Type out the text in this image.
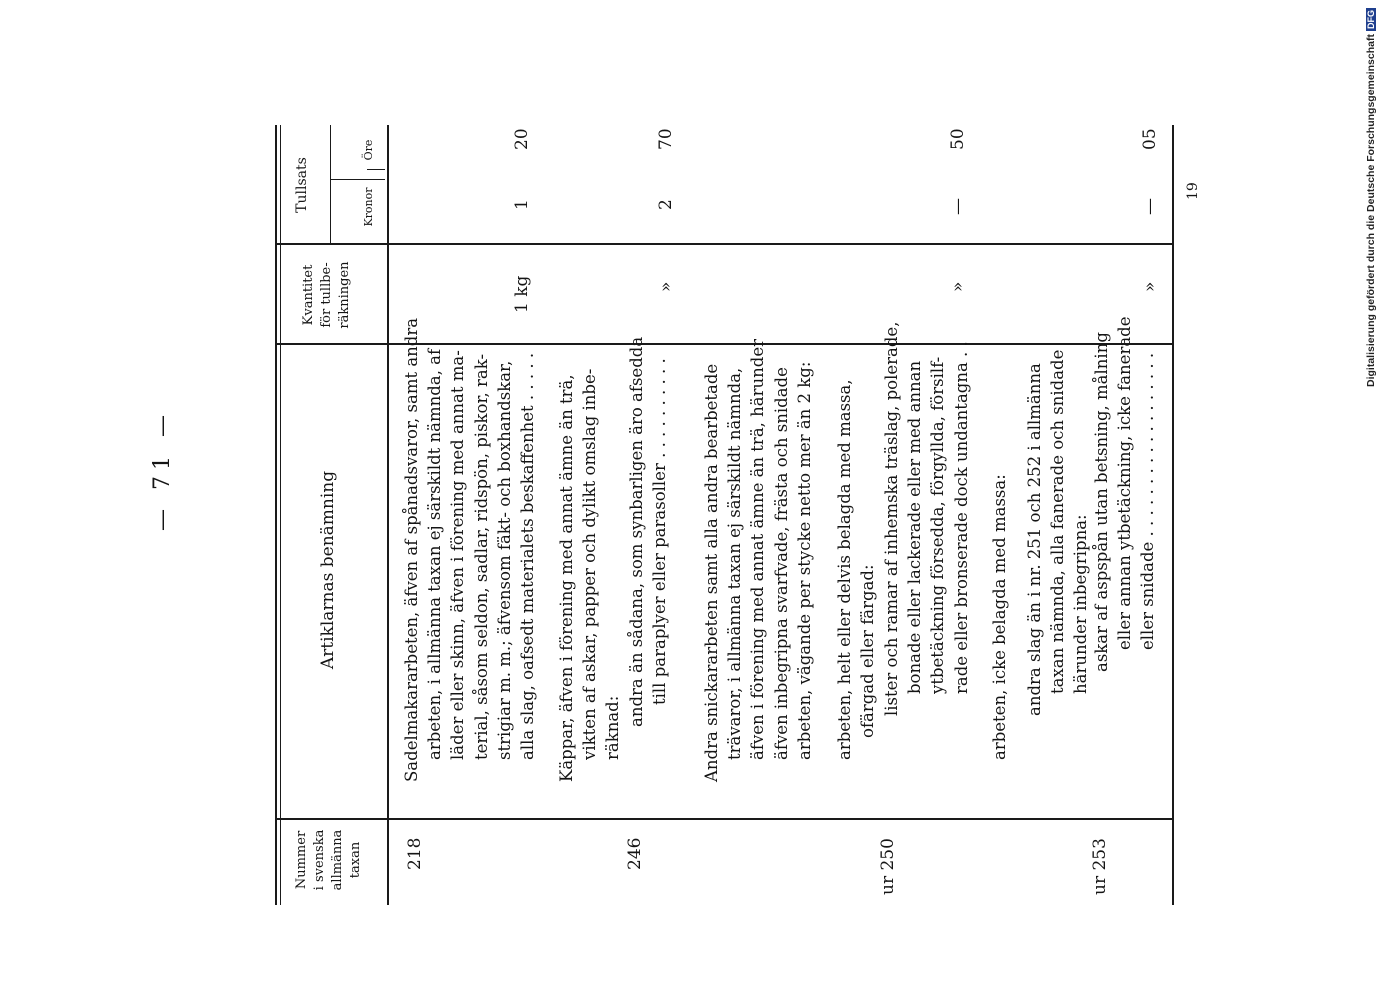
— 71 —
Nummer i svenska allmänna taxan
Artiklarnas benämning
Kvantitet för tullbe- räkningen
Tullsats	Kronor
Öre
218
Sadelmakararbeten, äfven af spånadsvaror, samt andra arbeten, i allmänna taxan ej särskildt nämnda, af läder eller skinn, äfven i förening med annat ma- terial, såsom seldon, sadlar, ridspön, piskor, rak- strigiar m. m.; äfvensom fäkt- och boxhandskar, alla slag, oafsedt materialets beskaffenhet . . . . .
1 kg
1
20
246
Käppar, äfven i förening med annat ämne än trä, vikten af askar, papper och dylikt omslag inbe- räknad:
andra än sådana, som synbarligen äro afsedda till paraplyer eller parasoller . . . . . . . . . .
»
2
70
ur 250
Andra snickararbeten samt alla andra bearbetade trävaror, i allmänna taxan ej särskildt nämnda, äfven i förening med annat ämne än trä, härunder äfven inbegripna svarfvade, frästa och snidade arbeten, vägande per stycke netto mer än 2 kg: arbeten, helt eller delvis belagda med massa, ofärgad eller färgad: lister och ramar af inhemska träslag, polerade, bonade eller lackerade eller med annan ytbetäckning försedda, förgyllda, försilf- rade eller bronserade dock undantagna . .
»
—
50
ur 253
arbeten, icke belagda med massa: andra slag än i nr. 251 och 252 i allmänna taxan nämnda, alla fanerade och snidade härunder inbegripna: askar af aspspån utan betsning, målning eller annan ytbetäckning, icke fanerade eller snidade . . . . . . . . . . . . . . . . . .
»
—
05
19	Digitalisierung gefördert durch die Deutsche Forschungsgemeinschaft DFG
